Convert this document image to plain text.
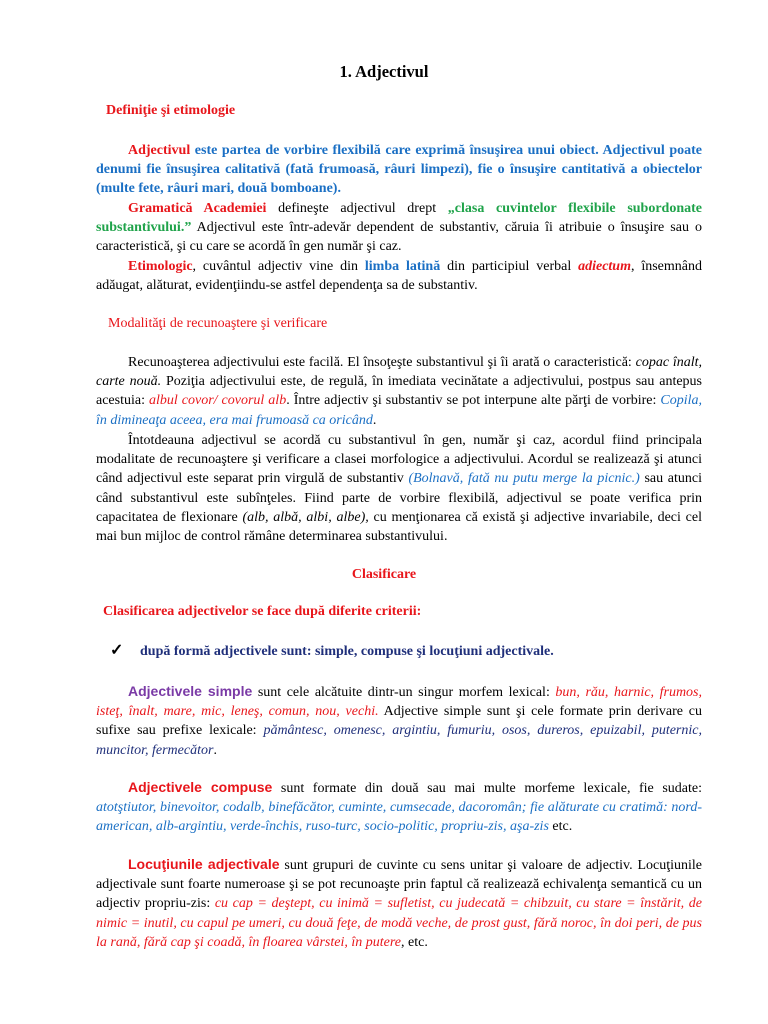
1. Adjectivul
Definiţie şi etimologie
Adjectivul este partea de vorbire flexibilă care exprimă însuşirea unui obiect. Adjectivul poate denumi fie însuşirea calitativă (fată frumoasă, râuri limpezi), fie o însuşire cantitativă a obiectelor (multe fete, râuri mari, două bomboane).
Gramatică Academiei defineşte adjectivul drept „clasa cuvintelor flexibile subordonate substantivului.” Adjectivul este într-adevăr dependent de substantiv, căruia îi atribuie o însuşire sau o caracteristică, şi cu care se acordă în gen număr şi caz.
Etimologic, cuvântul adjectiv vine din limba latină din participiul verbal adiectum, însemnând adăugat, alăturat, evidenţiindu-se astfel dependenţa sa de substantiv.
Modalităţi de recunoaştere şi verificare
Recunoaşterea adjectivului este facilă. El însoţeşte substantivul şi îi arată o caracteristică: copac înalt, carte nouă. Poziţia adjectivului este, de regulă, în imediata vecinătate a adjectivului, postpus sau antepus acestuia: albul covor/ covorul alb. Între adjectiv şi substantiv se pot interpune alte părţi de vorbire: Copila, în dimineaţa aceea, era mai frumoasă ca oricând.
Întotdeauna adjectivul se acordă cu substantivul în gen, număr şi caz, acordul fiind principala modalitate de recunoaştere şi verificare a clasei morfologice a adjectivului. Acordul se realizează şi atunci când adjectivul este separat prin virgulă de substantiv (Bolnavă, fată nu putu merge la picnic.) sau atunci când substantivul este subînţeles. Fiind parte de vorbire flexibilă, adjectivul se poate verifica prin capacitatea de flexionare (alb, albă, albi, albe), cu menţionarea că există şi adjective invariabile, deci cel mai bun mijloc de control rămâne determinarea substantivului.
Clasificare
Clasificarea adjectivelor se face după diferite criterii:
✓ după formă adjectivele sunt: simple, compuse şi locuţiuni adjectivale.
Adjectivele simple sunt cele alcătuite dintr-un singur morfem lexical: bun, rău, harnic, frumos, isteţ, înalt, mare, mic, leneş, comun, nou, vechi. Adjective simple sunt şi cele formate prin derivare cu sufixe sau prefixe lexicale: pământesc, omenesc, argintiu, fumuriu, osos, dureros, epuizabil, puternic, muncitor, fermecător.
Adjectivele compuse sunt formate din două sau mai multe morfeme lexicale, fie sudate: atotştiutor, binevoitor, codalb, binefăcător, cuminte, cumsecade, dacoromân; fie alăturate cu cratimă: nord-american, alb-argintiu, verde-închis, ruso-turc, socio-politic, propriu-zis, aşa-zis etc.
Locuţiunile adjectivale sunt grupuri de cuvinte cu sens unitar şi valoare de adjectiv. Locuţiunile adjectivale sunt foarte numeroase şi se pot recunoaşte prin faptul că realizează echivalenţa semantică cu un adjectiv propriu-zis: cu cap = deştept, cu inimă = sufletist, cu judecată = chibzuit, cu stare = înstărit, de nimic = inutil, cu capul pe umeri, cu două feţe, de modă veche, de prost gust, fără noroc, în doi peri, de pus la rană, fără cap şi coadă, în floarea vârstei, în putere, etc.
